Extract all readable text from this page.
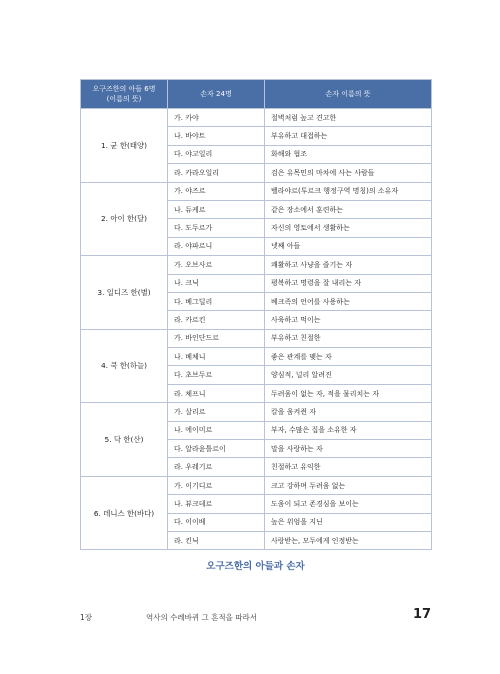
오구즈한의 아들 6명
(이름의 뜻)	손자 24명	손자 이름의 뜻
1. 균 한(태양)	가. 카야	절벽처럼 높고 견고한
	나. 바야트	부유하고 대접하는
	다. 야고일리	화해와 협조
	라. 카라오일리	검은 유목민의 마차에 사는 사람들
2. 아이 한(달)	가. 야즈르	벨라야르(투르크 행정구역 명칭)의 소유자
	나. 듀케르	같은 장소에서 훈련하는
	다. 도두르가	자신의 영토에서 생활하는
	라. 야파르니	넷째 아들
3. 일디즈 한(별)	가. 오브사르	쾌활하고 사냥을 즐기는 자
	나. 크닉	평복하고 명령을 잘 내리는 자
	다. 베그딜리	베크족의 언어를 사용하는
	라. 카르킨	사육하고 먹이는
4. 쿡 한(하늘)	가. 바인단드르	부유하고 친절한
	나. 베체니	좋은 관계를 맺는 자
	다. 초브두르	양심적, 널리 알려진
	라. 체프니	두려움이 없는 자, 적을 물리치는 자
5. 닥 한(산)	가. 살리르	칼을 움켜쥔 자
	나. 에이미르	부자, 수많은 집을 소유한 자
	다. 알라윤틀르이	말을 사랑하는 자
	라. 우레기르	친절하고 유익한
6. 데니스 한(바다)	가. 이기디르	크고 강하며 두려움 없는
	나. 뷰크데르	도움이 되고 존경심을 보이는
	다. 이이베	높은 위엄을 지닌
	라. 킨닉	사랑받는, 모두에게 인정받는
오구즈한의 아들과 손자
1장	역사의 수레바퀴 그 흔적을 따라서	17
